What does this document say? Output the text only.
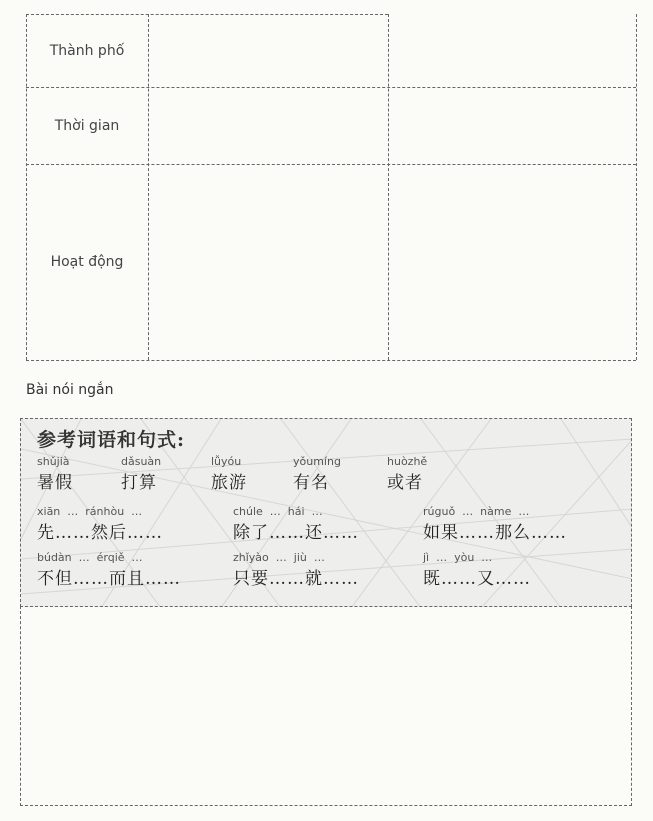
Thành phố
Thời gian
Hoạt động
Bài nói ngắn
参考词语和句式:
shǔjià
暑假
dǎsuàn
打算
lǚyóu
旅游
yǒumíng
有名
huòzhě
或者
xiān  …  ránhòu  …
先……然后……
chúle  …  hái  …
除了……还……
rúguǒ  …  nàme  …
如果……那么……
búdàn  …  érqiě  …
不但……而且……
zhǐyào  …  jiù  …
只要……就……
jì  …  yòu  …
既……又……
